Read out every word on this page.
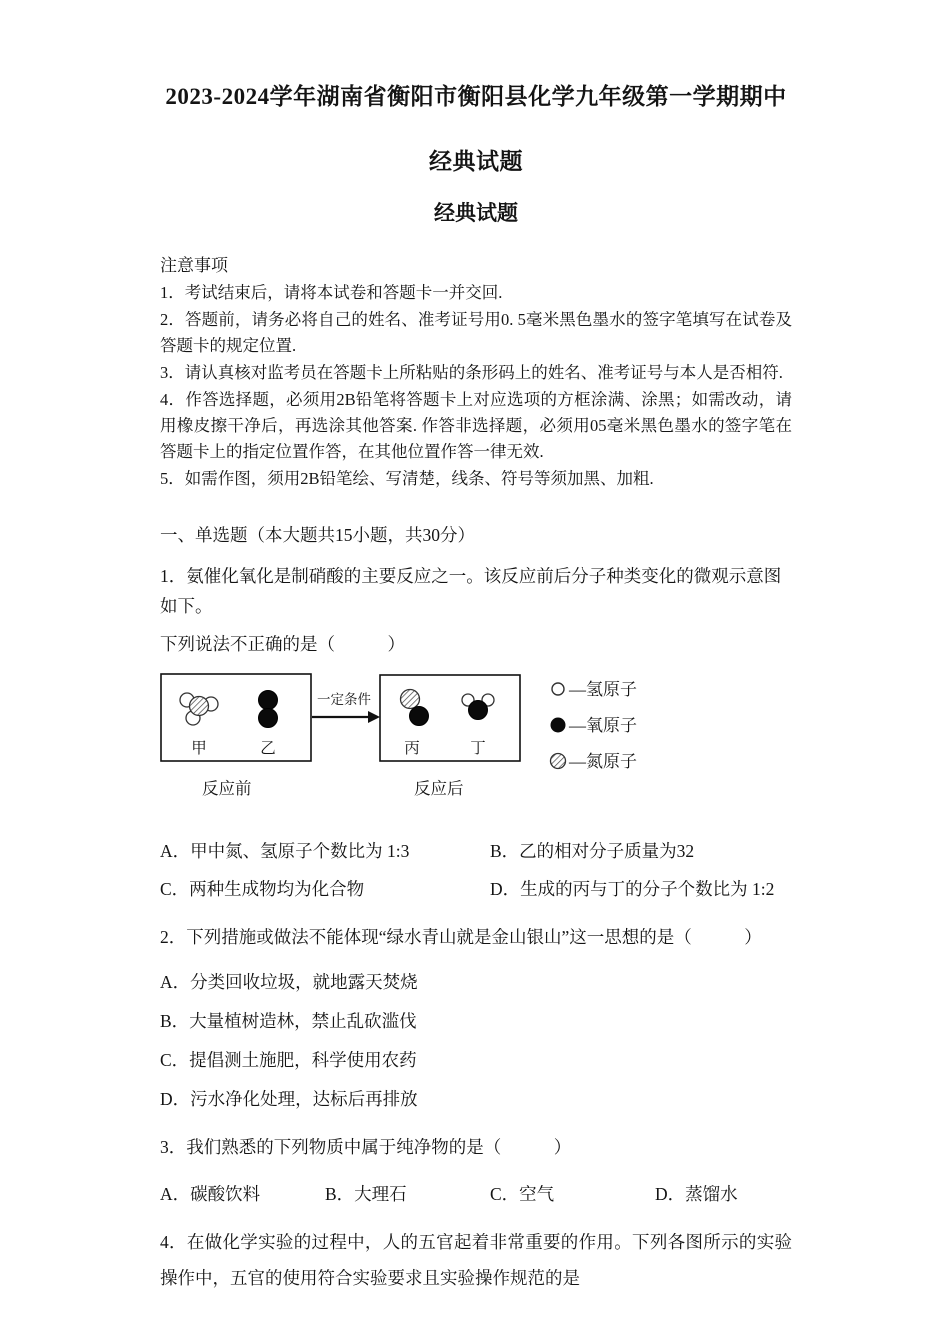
2023-2024学年湖南省衡阳市衡阳县化学九年级第一学期期中
经典试题
经典试题
注意事项
1．考试结束后，请将本试卷和答题卡一并交回.
2．答题前，请务必将自己的姓名、准考证号用0. 5毫米黑色墨水的签字笔填写在试卷及答题卡的规定位置.
3．请认真核对监考员在答题卡上所粘贴的条形码上的姓名、准考证号与本人是否相符.
4．作答选择题，必须用2B铅笔将答题卡上对应选项的方框涂满、涂黑；如需改动，请用橡皮擦干净后，再选涂其他答案. 作答非选择题，必须用05毫米黑色墨水的签字笔在答题卡上的指定位置作答，在其他位置作答一律无效.
5．如需作图，须用2B铅笔绘、写清楚，线条、符号等须加黑、加粗.
一、单选题（本大题共15小题，共30分）
1．氨催化氧化是制硝酸的主要反应之一。该反应前后分子种类变化的微观示意图如下。
下列说法不正确的是（　　　）
甲	乙
一定条件
丙	丁
反应前	反应后
—氢原子
—氧原子
—氮原子
A．甲中氮、氢原子个数比为 1:3	B．乙的相对分子质量为32
C．两种生成物均为化合物	D．生成的丙与丁的分子个数比为 1:2
2．下列措施或做法不能体现“绿水青山就是金山银山”这一思想的是（　　　）
A．分类回收垃圾，就地露天焚烧
B．大量植树造林，禁止乱砍滥伐
C．提倡测土施肥，科学使用农药
D．污水净化处理，达标后再排放
3．我们熟悉的下列物质中属于纯净物的是（　　　）
A．碳酸饮料	B．大理石	C．空气	D．蒸馏水
4．在做化学实验的过程中，人的五官起着非常重要的作用。下列各图所示的实验操作中，五官的使用符合实验要求且实验操作规范的是
